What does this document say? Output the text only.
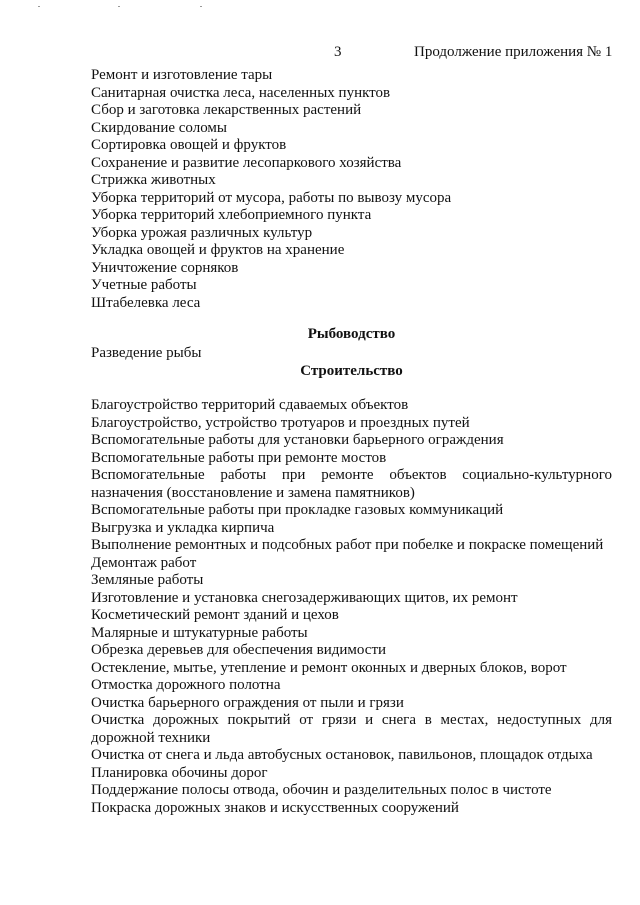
3	Продолжение приложения № 1
Ремонт и изготовление тары
Санитарная очистка леса, населенных пунктов
Сбор и заготовка лекарственных растений
Скирдование соломы
Сортировка овощей и фруктов
Сохранение и развитие лесопаркового хозяйства
Стрижка животных
Уборка территорий от мусора, работы по вывозу мусора
Уборка территорий хлебоприемного пункта
Уборка урожая различных культур
Укладка овощей и фруктов на хранение
Уничтожение сорняков
Учетные работы
Штабелевка леса
Рыбоводство
Разведение рыбы
Строительство
Благоустройство территорий сдаваемых объектов
Благоустройство, устройство тротуаров и проездных путей
Вспомогательные работы для установки барьерного ограждения
Вспомогательные работы при ремонте мостов
Вспомогательные работы при ремонте объектов социально-культурного
назначения (восстановление и замена памятников)
Вспомогательные работы при прокладке газовых коммуникаций
Выгрузка и укладка кирпича
Выполнение ремонтных и подсобных работ при побелке и покраске помещений
Демонтаж работ
Земляные работы
Изготовление и установка снегозадерживающих щитов, их ремонт
Косметический ремонт зданий и цехов
Малярные и штукатурные работы
Обрезка деревьев для обеспечения видимости
Остекление, мытье, утепление и ремонт оконных и дверных блоков, ворот
Отмостка дорожного полотна
Очистка барьерного ограждения от пыли и грязи
Очистка дорожных покрытий от грязи и снега в местах, недоступных для
дорожной техники
Очистка от снега и льда автобусных остановок, павильонов, площадок отдыха
Планировка обочины дорог
Поддержание полосы отвода, обочин и разделительных полос в чистоте
Покраска дорожных знаков и искусственных сооружений
